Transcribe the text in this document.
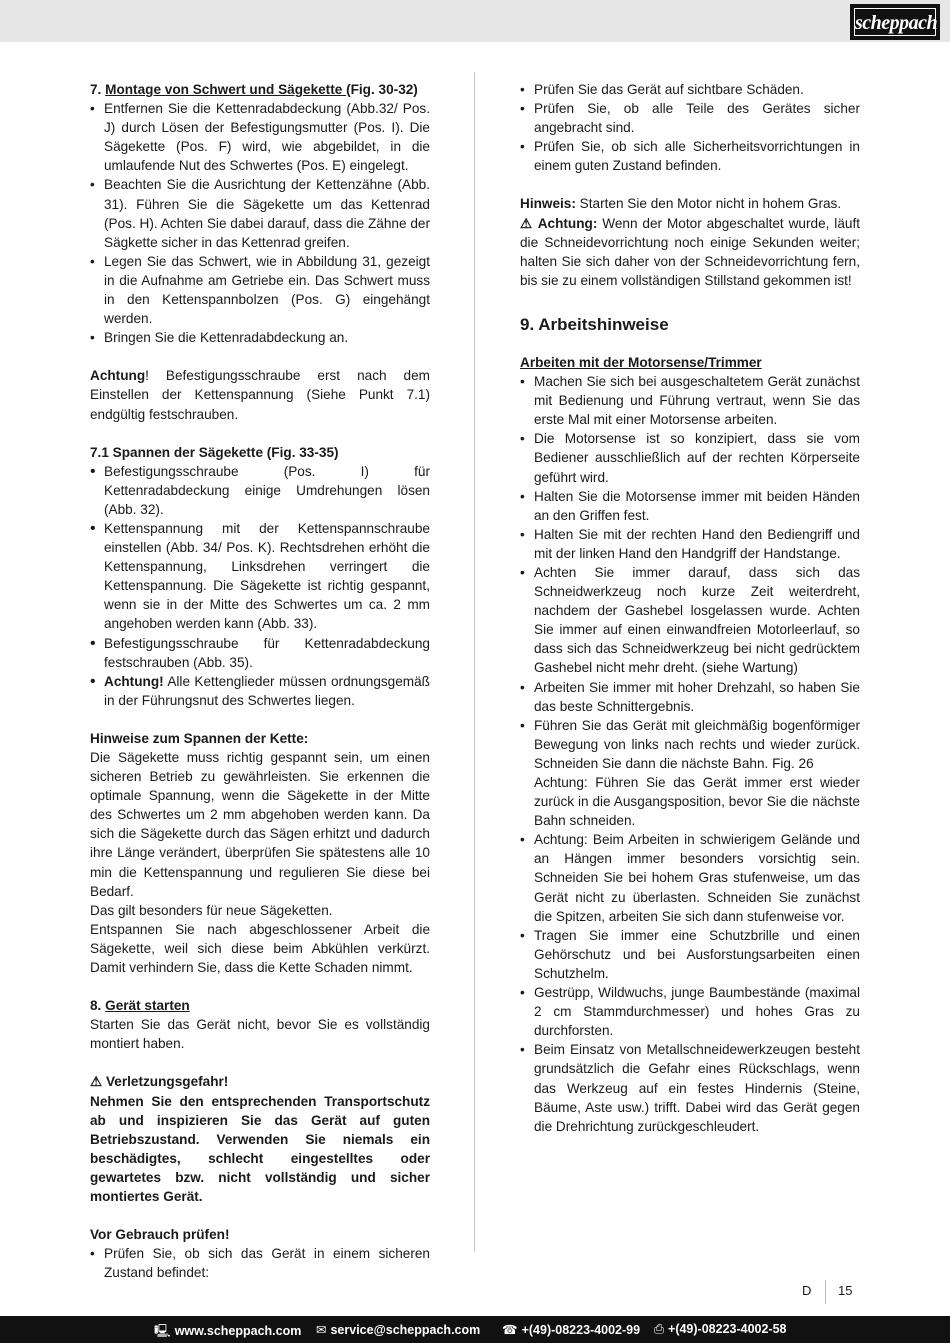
scheppach

7. Montage von Schwert und Sägekette (Fig. 30-32)

• Entfernen Sie die Kettenradabdeckung (Abb.32/ Pos. J) durch Lösen der Befestigungsmutter (Pos. I). Die Sägekette (Pos. F) wird, wie abgebildet, in die umlaufende Nut des Schwertes (Pos. E) eingelegt.

• Beachten Sie die Ausrichtung der Kettenzähne (Abb. 31). Führen Sie die Sägekette um das Kettenrad (Pos. H). Achten Sie dabei darauf, dass die Zähne der Sägkette sicher in das Kettenrad greifen.

• Legen Sie das Schwert, wie in Abbildung 31, gezeigt in die Aufnahme am Getriebe ein. Das Schwert muss in den Kettenspannbolzen (Pos. G) eingehängt werden.

• Bringen Sie die Kettenradabdeckung an.

Achtung! Befestigungsschraube erst nach dem Einstellen der Kettenspannung (Siehe Punkt 7.1) endgültig festschrauben.

7.1 Spannen der Sägekette (Fig. 33-35)

• Befestigungsschraube (Pos. I) für Kettenradabdeckung einige Umdrehungen lösen (Abb. 32).

• Kettenspannung mit der Kettenspannschraube einstellen (Abb. 34/ Pos. K). Rechtsdrehen erhöht die Kettenspannung, Linksdrehen verringert die Kettenspannung. Die Sägekette ist richtig gespannt, wenn sie in der Mitte des Schwertes um ca. 2 mm angehoben werden kann (Abb. 33).

• Befestigungsschraube für Kettenradabdeckung festschrauben (Abb. 35).

• Achtung! Alle Kettenglieder müssen ordnungsgemäß in der Führungsnut des Schwertes liegen.

Hinweise zum Spannen der Kette:

Die Sägekette muss richtig gespannt sein, um einen sicheren Betrieb zu gewährleisten. Sie erkennen die optimale Spannung, wenn die Sägekette in der Mitte des Schwertes um 2 mm abgehoben werden kann. Da sich die Sägekette durch das Sägen erhitzt und dadurch ihre Länge verändert, überprüfen Sie spätestens alle 10 min die Kettenspannung und regulieren Sie diese bei Bedarf.

Das gilt besonders für neue Sägeketten.

Entspannen Sie nach abgeschlossener Arbeit die Sägekette, weil sich diese beim Abkühlen verkürzt. Damit verhindern Sie, dass die Kette Schaden nimmt.

8. Gerät starten

Starten Sie das Gerät nicht, bevor Sie es vollständig montiert haben.

⚠ Verletzungsgefahr!

Nehmen Sie den entsprechenden Transportschutz ab und inspizieren Sie das Gerät auf guten Betriebszustand. Verwenden Sie niemals ein beschädigtes, schlecht eingestelltes oder gewartetes bzw. nicht vollständig und sicher montiertes Gerät.

Vor Gebrauch prüfen!

• Prüfen Sie, ob sich das Gerät in einem sicheren Zustand befindet:

• Prüfen Sie das Gerät auf sichtbare Schäden.

• Prüfen Sie, ob alle Teile des Gerätes sicher angebracht sind.

• Prüfen Sie, ob sich alle Sicherheitsvorrichtungen in einem guten Zustand befinden.

Hinweis: Starten Sie den Motor nicht in hohem Gras.

⚠ Achtung: Wenn der Motor abgeschaltet wurde, läuft die Schneidevorrichtung noch einige Sekunden weiter; halten Sie sich daher von der Schneidevorrichtung fern, bis sie zu einem vollständigen Stillstand gekommen ist!

9. Arbeitshinweise

Arbeiten mit der Motorsense/Trimmer

• Machen Sie sich bei ausgeschaltetem Gerät zunächst mit Bedienung und Führung vertraut, wenn Sie das erste Mal mit einer Motorsense arbeiten.

• Die Motorsense ist so konzipiert, dass sie vom Bediener ausschließlich auf der rechten Körperseite geführt wird.

• Halten Sie die Motorsense immer mit beiden Händen an den Griffen fest.

• Halten Sie mit der rechten Hand den Bediengriff und mit der linken Hand den Handgriff der Handstange.

• Achten Sie immer darauf, dass sich das Schneidwerkzeug noch kurze Zeit weiterdreht, nachdem der Gashebel losgelassen wurde. Achten Sie immer auf einen einwandfreien Motorleerlauf, so dass sich das Schneidwerkzeug bei nicht gedrücktem Gashebel nicht mehr dreht. (siehe Wartung)

• Arbeiten Sie immer mit hoher Drehzahl, so haben Sie das beste Schnittergebnis.

• Führen Sie das Gerät mit gleichmäßig bogenförmiger Bewegung von links nach rechts und wieder zurück. Schneiden Sie dann die nächste Bahn. Fig. 26

Achtung: Führen Sie das Gerät immer erst wieder zurück in die Ausgangsposition, bevor Sie die nächste Bahn schneiden.

• Achtung: Beim Arbeiten in schwierigem Gelände und an Hängen immer besonders vorsichtig sein. Schneiden Sie bei hohem Gras stufenweise, um das Gerät nicht zu überlasten. Schneiden Sie zunächst die Spitzen, arbeiten Sie sich dann stufenweise vor.

• Tragen Sie immer eine Schutzbrille und einen Gehörschutz und bei Ausforstungsarbeiten einen Schutzhelm.

• Gestrüpp, Wildwuchs, junge Baumbestände (maximal 2 cm Stammdurchmesser) und hohes Gras zu durchforsten.

• Beim Einsatz von Metallschneidewerkzeugen besteht grundsätzlich die Gefahr eines Rückschlags, wenn das Werkzeug auf ein festes Hindernis (Steine, Bäume, Aste usw.) trifft. Dabei wird das Gerät gegen die Drehrichtung zurückgeschleudert.

D 15
🖳 www.scheppach.com ✉ service@scheppach.com ☎ +(49)-08223-4002-99 ⎙ +(49)-08223-4002-58
